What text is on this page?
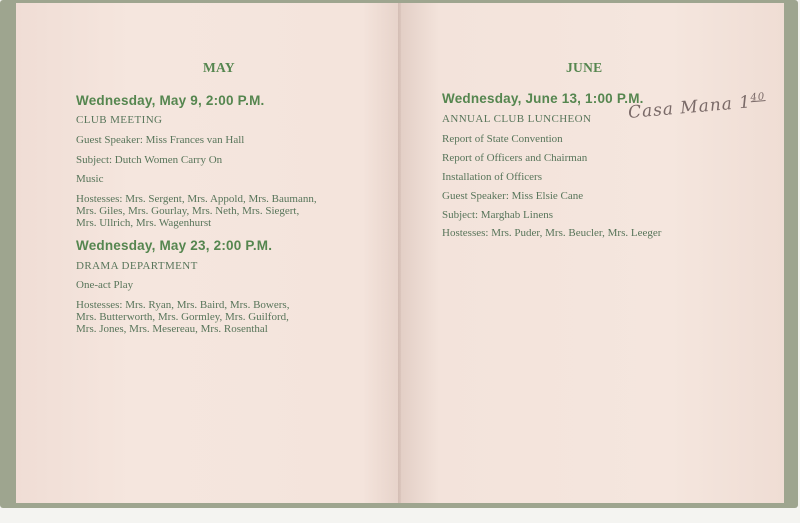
MAY
Wednesday, May 9, 2:00 P.M.
CLUB MEETING
Guest Speaker: Miss Frances van Hall
Subject: Dutch Women Carry On
Music
Hostesses: Mrs. Sergent, Mrs. Appold, Mrs. Baumann,
Mrs. Giles, Mrs. Gourlay, Mrs. Neth, Mrs. Siegert,
Mrs. Ullrich, Mrs. Wagenhurst
Wednesday, May 23, 2:00 P.M.
DRAMA DEPARTMENT
One-act Play
Hostesses: Mrs. Ryan, Mrs. Baird, Mrs. Bowers,
Mrs. Butterworth, Mrs. Gormley, Mrs. Guilford,
Mrs. Jones, Mrs. Mesereau, Mrs. Rosenthal
JUNE
Wednesday, June 13, 1:00 P.M.
ANNUAL CLUB LUNCHEON
Report of State Convention
Report of Officers and Chairman
Installation of Officers
Guest Speaker: Miss Elsie Cane
Subject: Marghab Linens
Hostesses: Mrs. Puder, Mrs. Beucler, Mrs. Leeger
Casa Mana $1^{40}$
